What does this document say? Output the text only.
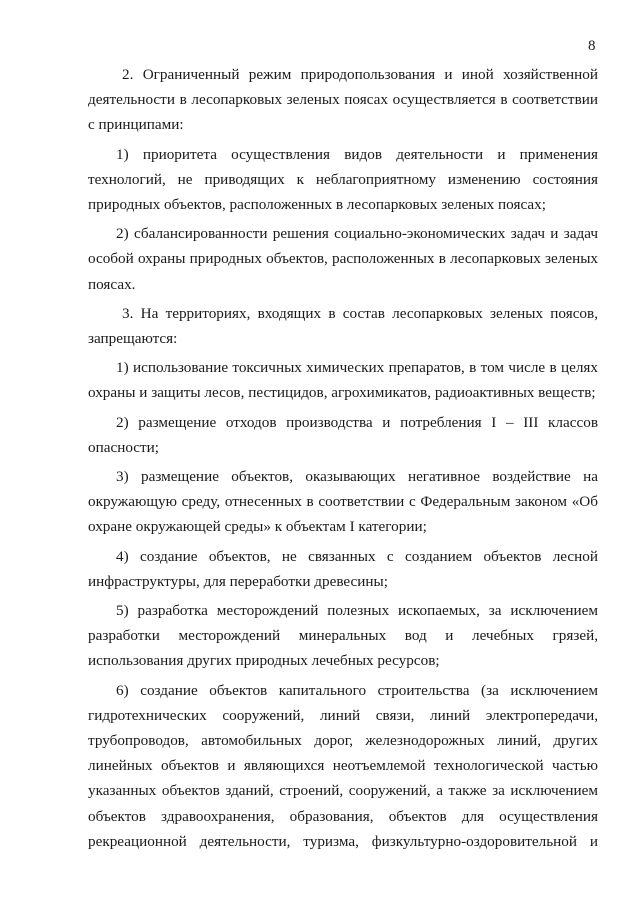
8

2. Ограниченный режим природопользования и иной хозяйственной деятельности в лесопарковых зеленых поясах осуществляется в соответствии с принципами:

1) приоритета осуществления видов деятельности и применения технологий, не приводящих к неблагоприятному изменению состояния природных объектов, расположенных в лесопарковых зеленых поясах;

2) сбалансированности решения социально-экономических задач и задач особой охраны природных объектов, расположенных в лесопарковых зеленых поясах.

3. На территориях, входящих в состав лесопарковых зеленых поясов, запрещаются:

1) использование токсичных химических препаратов, в том числе в целях охраны и защиты лесов, пестицидов, агрохимикатов, радиоактивных веществ;

2) размещение отходов производства и потребления I – III классов опасности;

3) размещение объектов, оказывающих негативное воздействие на окружающую среду, отнесенных в соответствии с Федеральным законом «Об охране окружающей среды» к объектам I категории;

4) создание объектов, не связанных с созданием объектов лесной инфраструктуры, для переработки древесины;

5) разработка месторождений полезных ископаемых, за исключением разработки месторождений минеральных вод и лечебных грязей, использования других природных лечебных ресурсов;

6) создание объектов капитального строительства (за исключением гидротехнических сооружений, линий связи, линий электропередачи, трубопроводов, автомобильных дорог, железнодорожных линий, других линейных объектов и являющихся неотъемлемой технологической частью указанных объектов зданий, строений, сооружений, а также за исключением объектов здравоохранения, образования, объектов для осуществления рекреационной деятельности, туризма, физкультурно-оздоровительной и
